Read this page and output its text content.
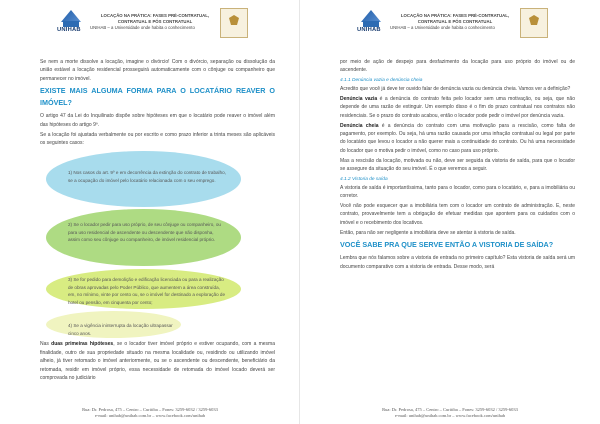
UNIHAB
LOCAÇÃO NA PRÁTICA: FASES PRÉ-CONTRATUAL, CONTRATUAL E PÓS CONTRATUAL
UNIHAB – a Universidade onde habita o conhecimento

Se nem a morte dissolve a locação, imagine o divórcio! Com o divórcio, separação ou dissolução da união estável a locação residencial prosseguirá automaticamente com o cônjuge ou companheiro que permanecer no imóvel.

EXISTE MAIS ALGUMA FORMA PARA O LOCATÁRIO REAVER O IMÓVEL?

O artigo 47 da Lei do Inquilinato dispõe sobre hipóteses em que o locatário pode reaver o imóvel além das hipóteses do artigo 9º.

Se a locação foi ajustada verbalmente ou por escrito e como prazo inferior a trinta meses são aplicáveis os seguintes casos:

1) Nos casos do art. 9º e em decorrência da extinção do contrato de trabalho, se a ocupação do imóvel pelo locatário relacionada com o seu emprego.
2) Se o locador pedir para uso próprio, de seu cônjuge ou companheiro, ou para uso residencial de ascendente ou descendente que não disponha, assim como seu cônjuge ou companheiro, de imóvel residencial próprio.
3) Se for pedido para demolição e edificação licenciada ou para a realização de obras aprovadas pelo Poder Público, que aumentem a área construída, em, no mínimo, vinte por cento ou, se o imóvel for destinado a exploração de hotel ou pensão, em cinquenta por cento;
4) Se a vigência ininterrupta da locação ultrapassar cinco anos.

Nas duas primeiras hipóteses, se o locador tiver imóvel próprio e estiver ocupando, com a mesma finalidade, outro de sua propriedade situado na mesma localidade ou, residindo ou utilizando imóvel alheio, já tiver retomado o imóvel anteriormente, ou se o ascendente ou descendente, beneficiário da retomada, residir em imóvel próprio, essa necessidade de retomada do imóvel locado deverá ser comprovada no judiciário

Rua: Dr. Pedrosa, 475 – Centro – Curitiba – Fones: 3259-6032 / 3259-6033
e-mail: unihab@unihab.com.br – www.facebook.com/unihab
UNIHAB
LOCAÇÃO NA PRÁTICA: FASES PRÉ-CONTRATUAL, CONTRATUAL E PÓS CONTRATUAL
UNIHAB – a Universidade onde habita o conhecimento

por meio de ação de despejo para desfazimento da locação para uso próprio do imóvel ou de ascendente.

4.1.1 Denúncia vazia e denúncia cheia

Acredito que você já deve ter ouvido falar de denúncia vazia ou denúncia cheia. Vamos ver a definição?

Denúncia vazia é a denúncia do contrato feita pelo locador sem uma motivação, ou seja, que não depende de uma razão de extinguir. Um exemplo disso é o fim do prazo contratual nos contratos não residenciais. Se o prazo do contrato acabou, então o locador pode pedir o imóvel por denúncia vazia.

Denúncia cheia é a denúncia do contrato com uma motivação para a rescisão, como falta de pagamento, por exemplo. Ou seja, há uma razão causada por uma infração contratual ou legal por parte do locatário que levou o locador a não querer mais a continuidade do contrato. Ou há uma necessidade do locador que o motiva pedir o imóvel, como no caso para uso próprio.

Mas a rescisão da locação, motivada ou não, deve ser seguida da vistoria de saída, para que o locador se assegure da situação do seu imóvel. É o que veremos a seguir.

4.1.2 Vistoria de saída

A vistoria de saída é importantíssima, tanto para o locador, como para o locatário, e, para a imobiliária ou corretor.

Você não pode esquecer que a imobiliária tem com o locador um contrato de administração. E, neste contrato, provavelmente tem a obrigação de efetuar medidas que apontem para os cuidados com o imóvel e o recebimento dos locativos.

Então, para não ser negligente a imobiliária deve se atentar à vistoria de saída.

VOCÊ SABE PRA QUE SERVE ENTÃO A VISTORIA DE SAÍDA?

Lembra que nós falamos sobre a vistoria de entrada no primeiro capítulo? Esta vistoria de saída será um documento comparativo com a vistoria de entrada. Desse modo, será

Rua: Dr. Pedrosa, 475 – Centro – Curitiba – Fones: 3259-6032 / 3259-6033
e-mail: unihab@unihab.com.br – www.facebook.com/unihab
